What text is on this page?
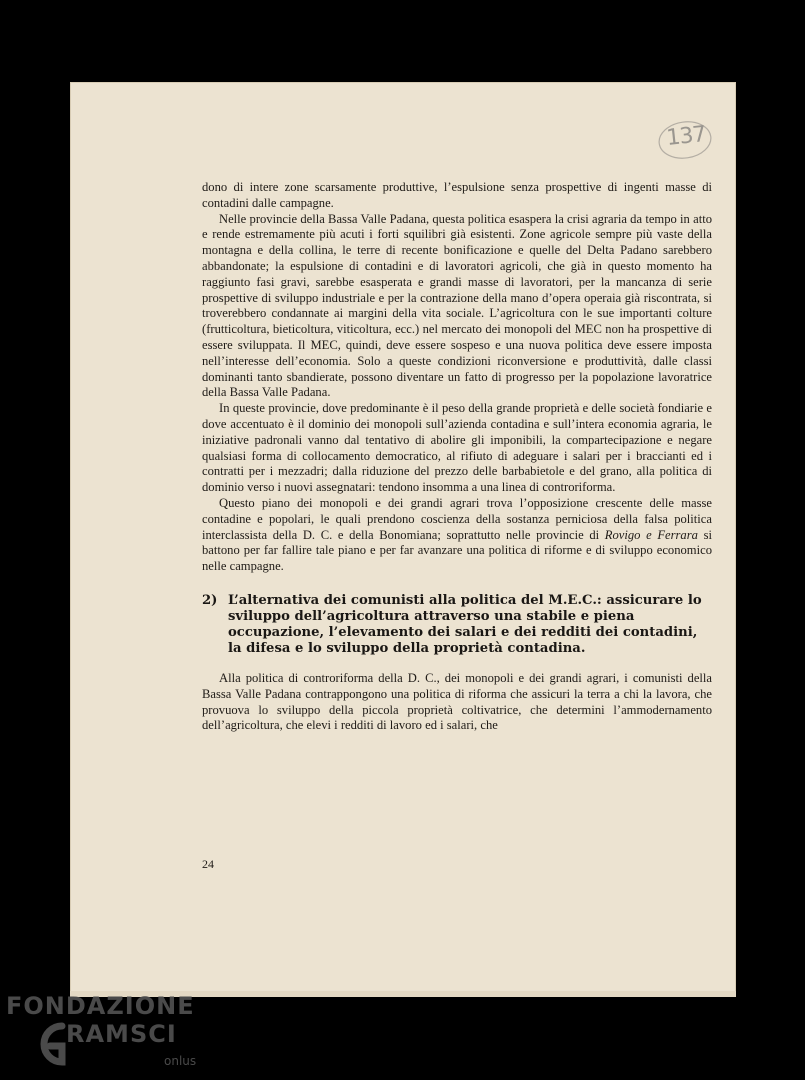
137

dono di intere zone scarsamente produttive, l’espulsione senza prospettive di ingenti masse di contadini dalle campagne.

Nelle provincie della Bassa Valle Padana, questa politica esaspera la crisi agraria da tempo in atto e rende estremamente più acuti i forti squilibri già esistenti. Zone agricole sempre più vaste della montagna e della collina, le terre di recente bonificazione e quelle del Delta Padano sarebbero abbandonate; la espulsione di contadini e di lavoratori agricoli, che già in questo momento ha raggiunto fasi gravi, sarebbe esasperata e grandi masse di lavoratori, per la mancanza di serie prospettive di sviluppo industriale e per la contrazione della mano d’opera operaia già riscontrata, si troverebbero condannate ai margini della vita sociale. L’agricoltura con le sue importanti colture (frutticoltura, bieticoltura, viticoltura, ecc.) nel mercato dei monopoli del MEC non ha prospettive di essere sviluppata. Il MEC, quindi, deve essere sospeso e una nuova politica deve essere imposta nell’interesse dell’economia. Solo a queste condizioni riconversione e produttività, dalle classi dominanti tanto sbandierate, possono diventare un fatto di progresso per la popolazione lavoratrice della Bassa Valle Padana.

In queste provincie, dove predominante è il peso della grande proprietà e delle società fondiarie e dove accentuato è il dominio dei monopoli sull’azienda contadina e sull’intera economia agraria, le iniziative padronali vanno dal tentativo di abolire gli imponibili, la compartecipazione e negare qualsiasi forma di collocamento democratico, al rifiuto di adeguare i salari per i braccianti ed i contratti per i mezzadri; dalla riduzione del prezzo delle barbabietole e del grano, alla politica di dominio verso i nuovi assegnatari: tendono insomma a una linea di controriforma.

Questo piano dei monopoli e dei grandi agrari trova l’opposizione crescente delle masse contadine e popolari, le quali prendono coscienza della sostanza perniciosa della falsa politica interclassista della D. C. e della Bonomiana; soprattutto nelle provincie di Rovigo e Ferrara si battono per far fallire tale piano e per far avanzare una politica di riforme e di sviluppo economico nelle campagne.

2) L’alternativa dei comunisti alla politica del M.E.C.: assicurare lo sviluppo dell’agricoltura attraverso una stabile e piena occupazione, l’elevamento dei salari e dei redditi dei contadini, la difesa e lo sviluppo della proprietà contadina.

Alla politica di controriforma della D. C., dei monopoli e dei grandi agrari, i comunisti della Bassa Valle Padana contrappongono una politica di riforma che assicuri la terra a chi la lavora, che provuova lo sviluppo della piccola proprietà coltivatrice, che determini l’ammodernamento dell’agricoltura, che elevi i redditi di lavoro ed i salari, che

24
FONDAZIONE
RAMSCI
onlus
